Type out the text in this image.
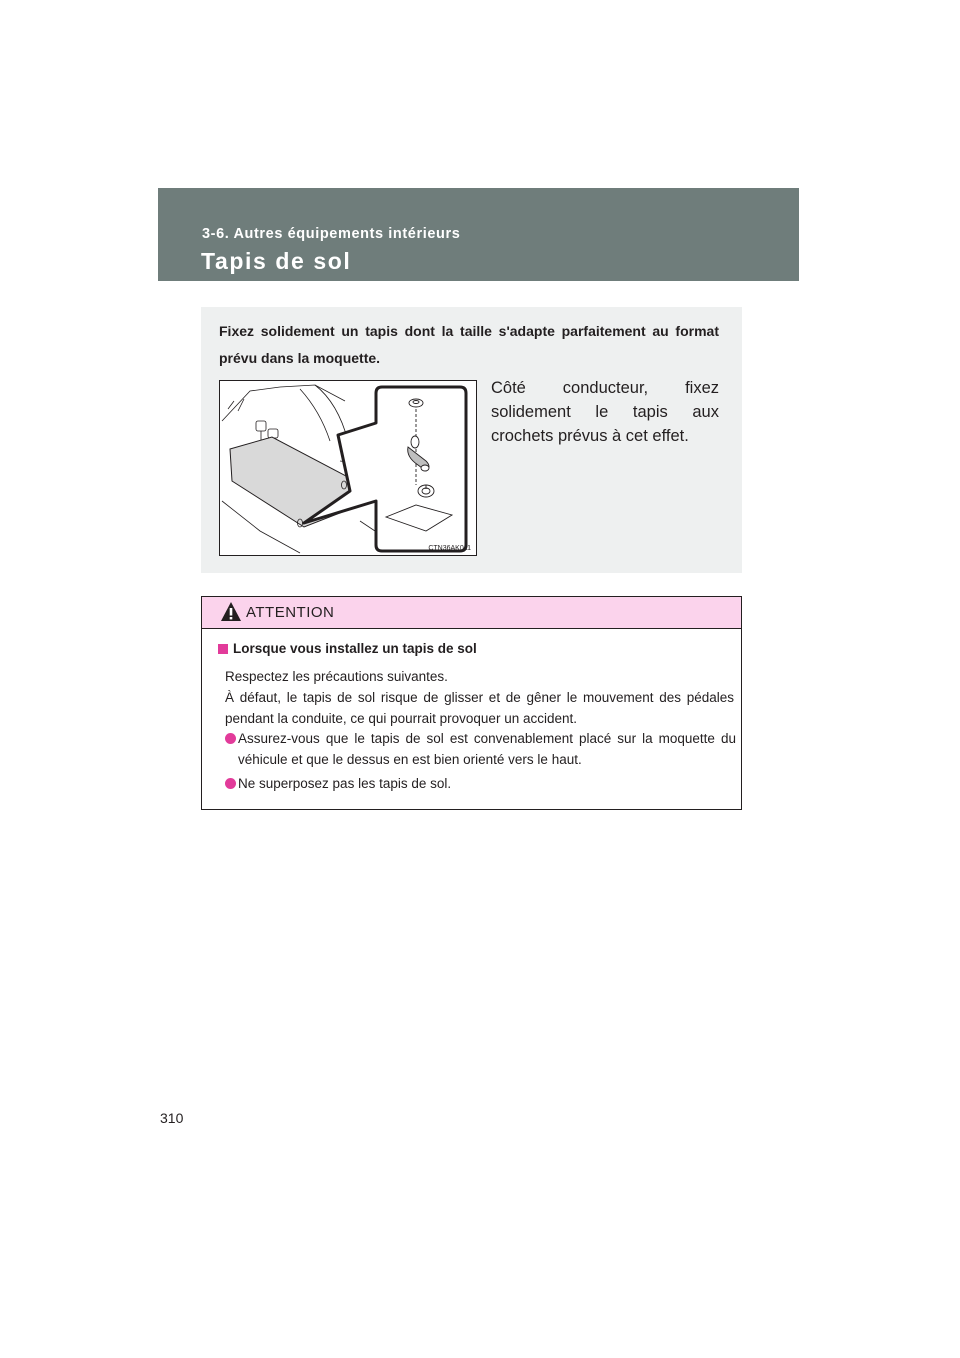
3-6. Autres équipements intérieurs
Tapis de sol
Fixez solidement un tapis dont la taille s'adapte parfaitement au format prévu dans la moquette.
CTN36AK011
Côté conducteur, fixez solidement le tapis aux crochets prévus à cet effet.
ATTENTION
Lorsque vous installez un tapis de sol
Respectez les précautions suivantes.
À défaut, le tapis de sol risque de glisser et de gêner le mouvement des pédales pendant la conduite, ce qui pourrait provoquer un accident.
Assurez-vous que le tapis de sol est convenablement placé sur la moquette du véhicule et que le dessus en est bien orienté vers le haut.
Ne superposez pas les tapis de sol.
310
